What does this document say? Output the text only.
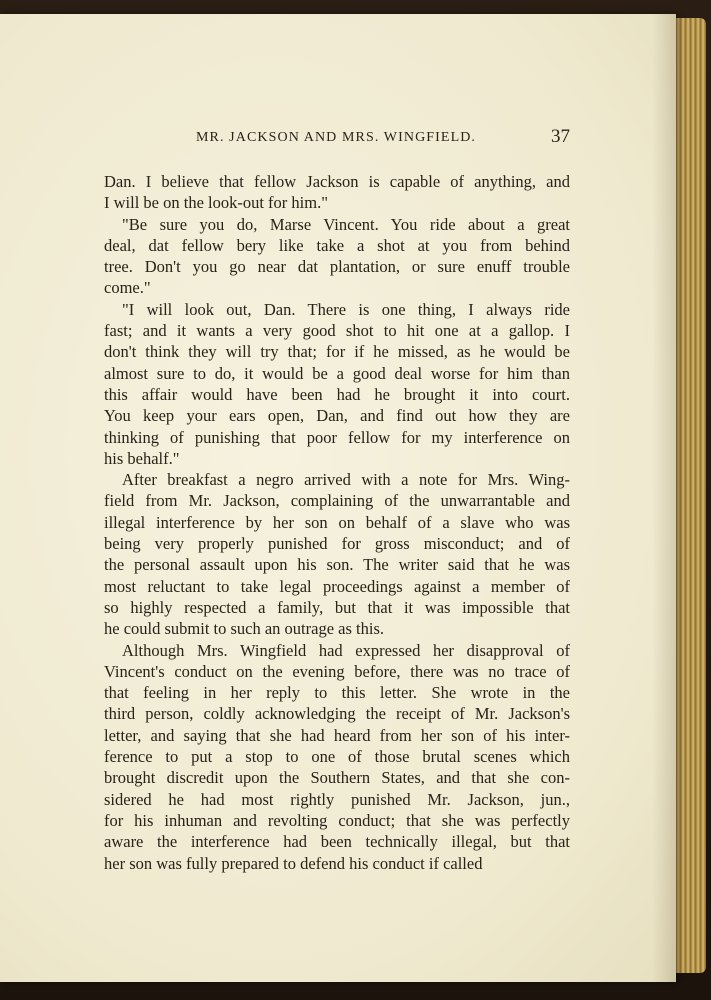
MR. JACKSON AND MRS. WINGFIELD.	37
Dan. I believe that fellow Jackson is capable of anything, and
I will be on the look-out for him."
"Be sure you do, Marse Vincent. You ride about a great
deal, dat fellow bery like take a shot at you from behind
tree. Don't you go near dat plantation, or sure enuff trouble
come."
"I will look out, Dan. There is one thing, I always ride
fast; and it wants a very good shot to hit one at a gallop. I
don't think they will try that; for if he missed, as he would be
almost sure to do, it would be a good deal worse for him than
this affair would have been had he brought it into court.
You keep your ears open, Dan, and find out how they are
thinking of punishing that poor fellow for my interference on
his behalf."
After breakfast a negro arrived with a note for Mrs. Wing-
field from Mr. Jackson, complaining of the unwarrantable and
illegal interference by her son on behalf of a slave who was
being very properly punished for gross misconduct; and of
the personal assault upon his son. The writer said that he was
most reluctant to take legal proceedings against a member of
so highly respected a family, but that it was impossible that
he could submit to such an outrage as this.
Although Mrs. Wingfield had expressed her disapproval of
Vincent's conduct on the evening before, there was no trace of
that feeling in her reply to this letter. She wrote in the
third person, coldly acknowledging the receipt of Mr. Jackson's
letter, and saying that she had heard from her son of his inter-
ference to put a stop to one of those brutal scenes which
brought discredit upon the Southern States, and that she con-
sidered he had most rightly punished Mr. Jackson, jun.,
for his inhuman and revolting conduct; that she was perfectly
aware the interference had been technically illegal, but that
her son was fully prepared to defend his conduct if called
